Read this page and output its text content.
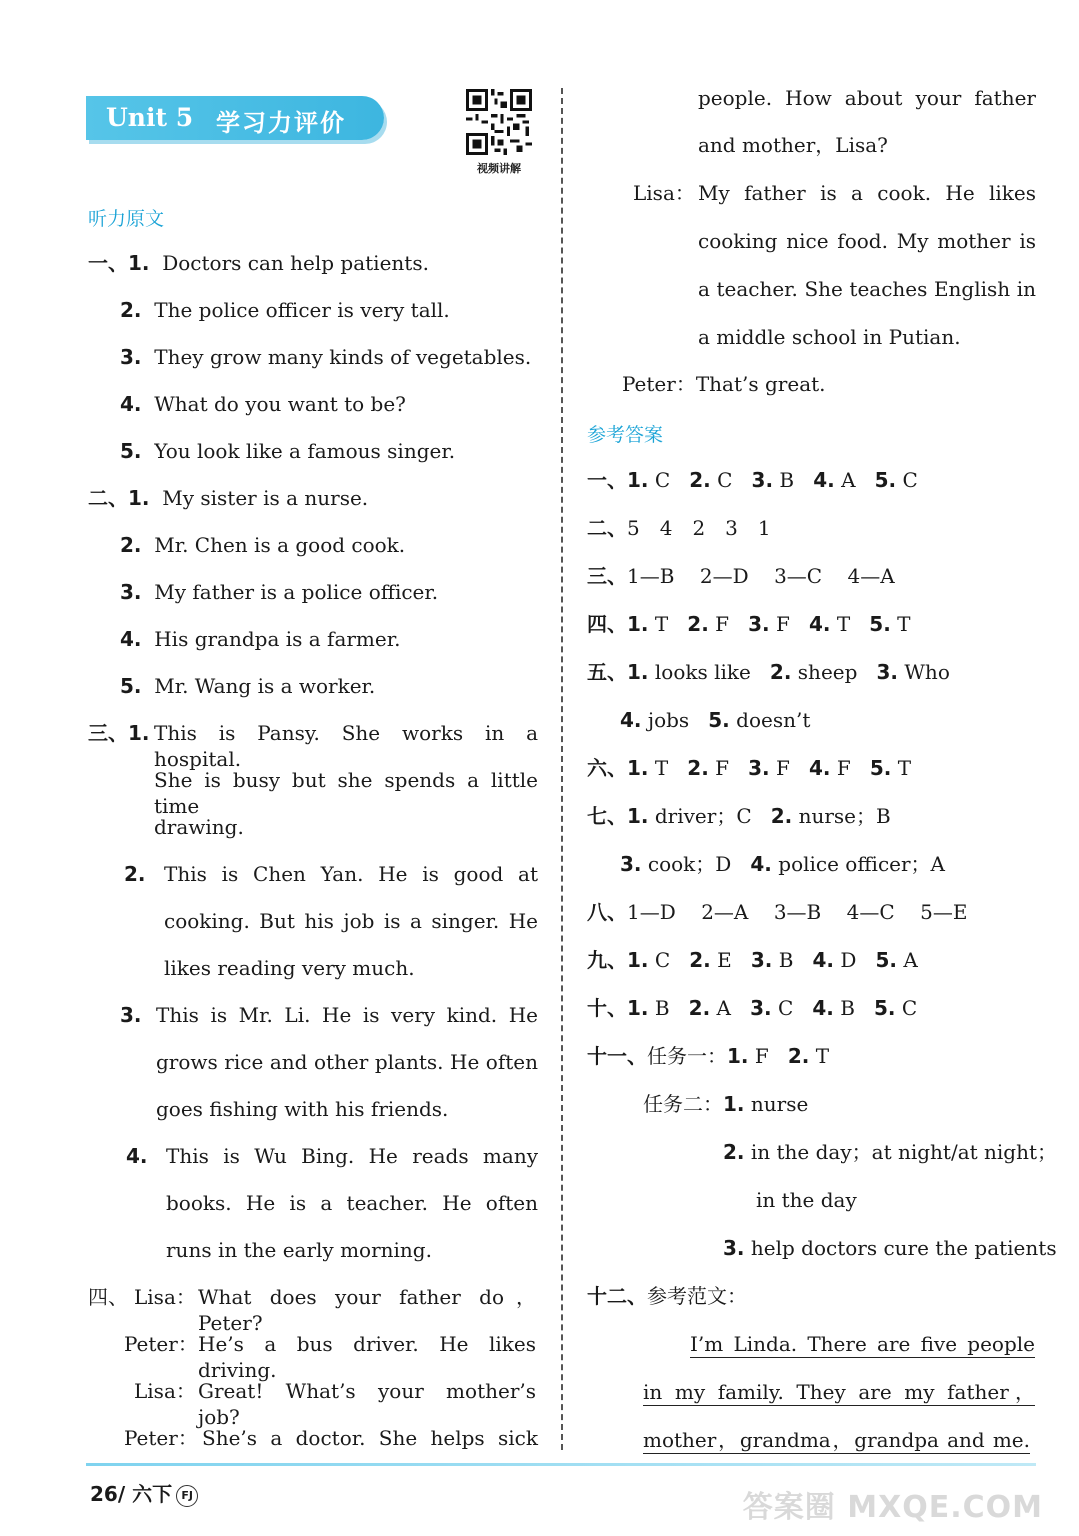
Unit 5 学习力评价
视频讲解
听力原文
一、1. Doctors can help patients.
2. The police officer is very tall.
3. They grow many kinds of vegetables.
4. What do you want to be?
5. You look like a famous singer.
二、1. My sister is a nurse.
2. Mr. Chen is a good cook.
3. My father is a police officer.
4. His grandpa is a farmer.
5. Mr. Wang is a worker.
三、1. This is Pansy. She works in a hospital.
She is busy but she spends a little time
drawing.
2. This is Chen Yan. He is good at
cooking. But his job is a singer. He
likes reading very much.
3. This is Mr. Li. He is very kind. He
grows rice and other plants. He often
goes fishing with his friends.
4. This is Wu Bing. He reads many
books. He is a teacher. He often
runs in the early morning.
四、 Lisa： What does your father do，Peter?
Peter： He’s a bus driver. He likes driving.
Lisa： Great! What’s your mother’s job?
Peter： She’s a doctor. She helps sick
people. How about your father
and mother，Lisa?
Lisa： My father is a cook. He likes
cooking nice food. My mother is
a teacher. She teaches English in
a middle school in Putian.
Peter：That’s great.
参考答案
一、1. C 2. C 3. B 4. A 5. C
二、5　4　2　3　1
三、1—B 2—D 3—C 4—A
四、1. T 2. F 3. F 4. T 5. T
五、1. looks like 2. sheep 3. Who
4. jobs 5. doesn’t
六、1. T 2. F 3. F 4. F 5. T
七、1. driver；C 2. nurse；B
3. cook；D 4. police officer；A
八、1—D 2—A 3—B 4—C 5—E
九、1. C 2. E 3. B 4. D 5. A
十、1. B 2. A 3. C 4. B 5. C
十一、任务一：1. F 2. T
任务二：1. nurse
2. in the day；at night/at night；
in the day
3. help doctors cure the patients
十二、参考范文：
I’m Linda. There are five people
in my family. They are my father，
mother，grandma，grandpa and me.
26/ 六下 FJ	答案圈 MXQE.COM
